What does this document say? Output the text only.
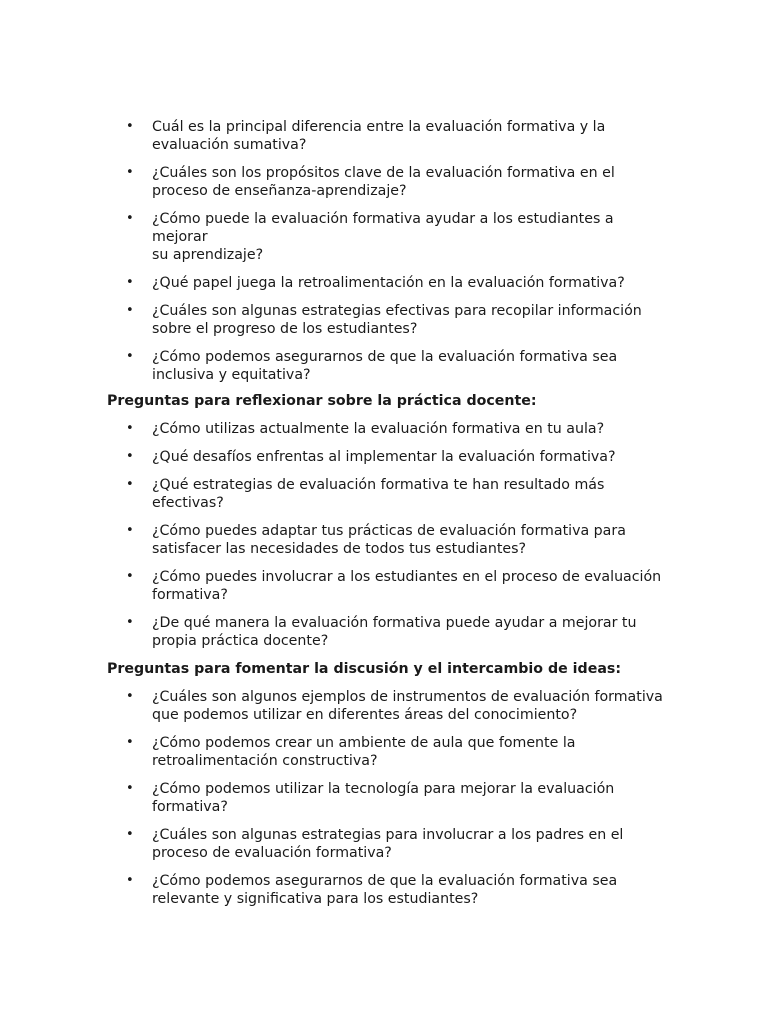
• Cuál es la principal diferencia entre la evaluación formativa y la
evaluación sumativa?
• ¿Cuáles son los propósitos clave de la evaluación formativa en el
proceso de enseñanza-aprendizaje?
• ¿Cómo puede la evaluación formativa ayudar a los estudiantes a mejorar
su aprendizaje?
• ¿Qué papel juega la retroalimentación en la evaluación formativa?
• ¿Cuáles son algunas estrategias efectivas para recopilar información
sobre el progreso de los estudiantes?
• ¿Cómo podemos asegurarnos de que la evaluación formativa sea
inclusiva y equitativa?
Preguntas para reflexionar sobre la práctica docente:
• ¿Cómo utilizas actualmente la evaluación formativa en tu aula?
• ¿Qué desafíos enfrentas al implementar la evaluación formativa?
• ¿Qué estrategias de evaluación formativa te han resultado más
efectivas?
• ¿Cómo puedes adaptar tus prácticas de evaluación formativa para
satisfacer las necesidades de todos tus estudiantes?
• ¿Cómo puedes involucrar a los estudiantes en el proceso de evaluación
formativa?
• ¿De qué manera la evaluación formativa puede ayudar a mejorar tu
propia práctica docente?
Preguntas para fomentar la discusión y el intercambio de ideas:
• ¿Cuáles son algunos ejemplos de instrumentos de evaluación formativa
que podemos utilizar en diferentes áreas del conocimiento?
• ¿Cómo podemos crear un ambiente de aula que fomente la
retroalimentación constructiva?
• ¿Cómo podemos utilizar la tecnología para mejorar la evaluación
formativa?
• ¿Cuáles son algunas estrategias para involucrar a los padres en el
proceso de evaluación formativa?
• ¿Cómo podemos asegurarnos de que la evaluación formativa sea
relevante y significativa para los estudiantes?
